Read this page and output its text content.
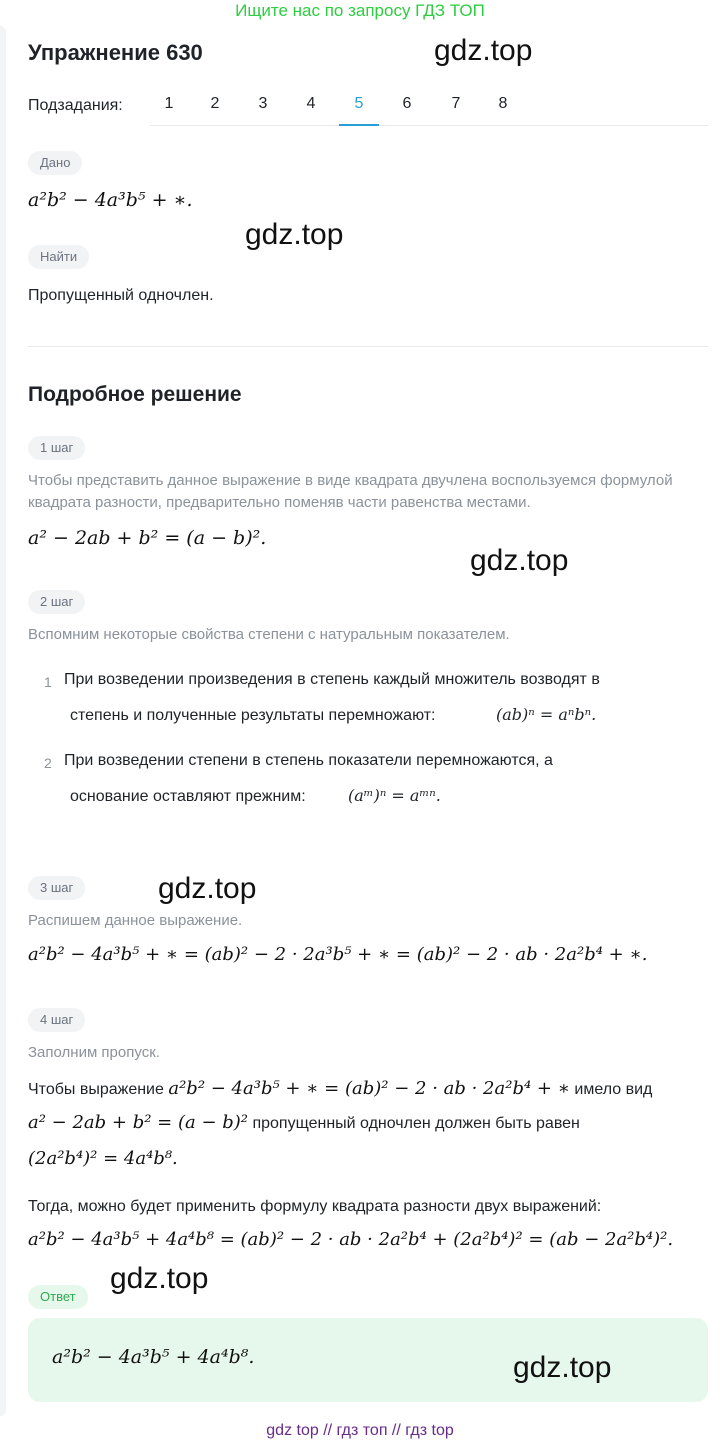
Ищите нас по запросу ГДЗ ТОП
Упражнение 630	gdz.top
Подзадания:	1	2	3	4	5	6	7	8
Дано
a²b² − 4a³b⁵ + ∗.
gdz.top
Найти
Пропущенный одночлен.
Подробное решение
1 шаг
Чтобы представить данное выражение в виде квадрата двучлена воспользуемся формулой квадрата разности, предварительно поменяв части равенства местами.
a² − 2ab + b² = (a − b)².
gdz.top
2 шаг
Вспомним некоторые свойства степени с натуральным показателем.
1 При возведении произведения в степень каждый множитель возводят в
степень и полученные результаты перемножают:	(ab)ⁿ = aⁿbⁿ.
2 При возведении степени в степень показатели перемножаются, а
основание оставляют прежним:	(aᵐ)ⁿ = aᵐⁿ.
3 шаг	gdz.top
Распишем данное выражение.
a²b² − 4a³b⁵ + ∗ = (ab)² − 2 · 2a³b⁵ + ∗ = (ab)² − 2 · ab · 2a²b⁴ + ∗.
4 шаг
Заполним пропуск.
Чтобы выражение a²b² − 4a³b⁵ + ∗ = (ab)² − 2 · ab · 2a²b⁴ + ∗ имело вид
a² − 2ab + b² = (a − b)² пропущенный одночлен должен быть равен
(2a²b⁴)² = 4a⁴b⁸.
Тогда, можно будет применить формулу квадрата разности двух выражений:
a²b² − 4a³b⁵ + 4a⁴b⁸ = (ab)² − 2 · ab · 2a²b⁴ + (2a²b⁴)² = (ab − 2a²b⁴)².
gdz.top
Ответ
a²b² − 4a³b⁵ + 4a⁴b⁸.	gdz.top
gdz top // гдз топ // гдз top
